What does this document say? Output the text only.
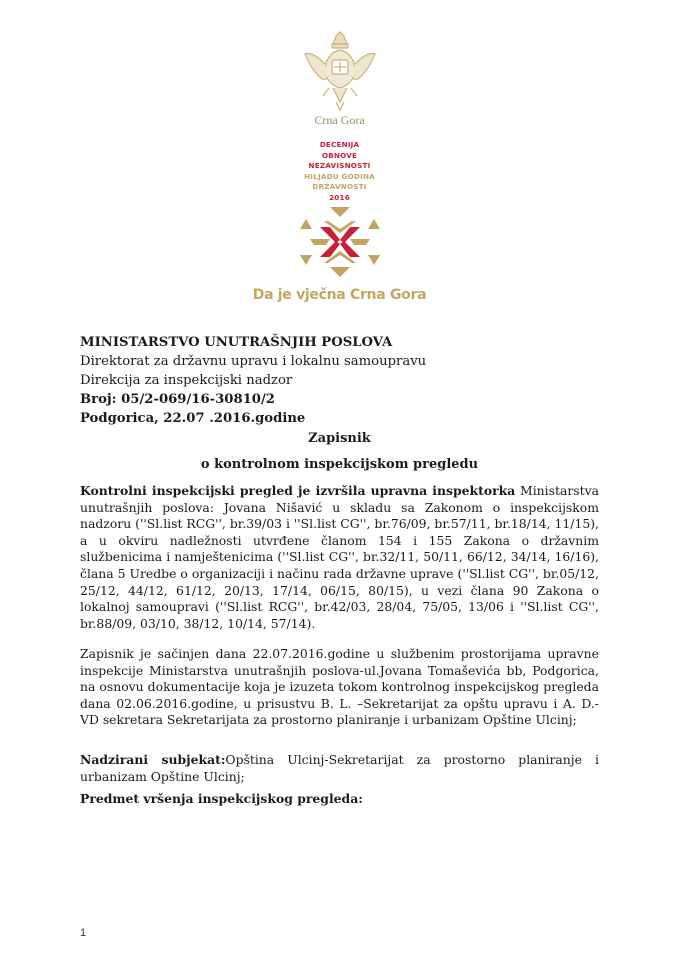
Crna Gora
DECENIJA
OBNOVE
NEZAVISNOSTI
HILJADU GODINA
DRŽAVNOSTI
2016
Da je vječna Crna Gora
MINISTARSTVO UNUTRAŠNJIH POSLOVA
Direktorat za državnu upravu i lokalnu samoupravu
Direkcija za inspekcijski nadzor
Broj: 05/2-069/16-30810/2
Podgorica, 22.07 .2016.godine
Zapisnik
o kontrolnom inspekcijskom pregledu
Kontrolni inspekcijski pregled je izvršila upravna inspektorka Ministarstva unutrašnjih poslova: Jovana Nišavić u skladu sa Zakonom o inspekcijskom nadzoru (''Sl.list RCG'', br.39/03 i ''Sl.list CG'', br.76/09, br.57/11, br.18/14, 11/15), a u okviru nadležnosti utvrđene članom 154 i 155 Zakona o državnim službenicima i namještenicima (''Sl.list CG'', br.32/11, 50/11, 66/12, 34/14, 16/16), člana 5 Uredbe o organizaciji i načinu rada državne uprave (''Sl.list CG'', br.05/12, 25/12, 44/12, 61/12, 20/13, 17/14, 06/15, 80/15), u vezi člana 90 Zakona o lokalnoj samoupravi (''Sl.list RCG'', br.42/03, 28/04, 75/05, 13/06 i ''Sl.list CG'', br.88/09, 03/10, 38/12, 10/14, 57/14).
Zapisnik je sačinjen dana 22.07.2016.godine u službenim prostorijama upravne inspekcije Ministarstva unutrašnjih poslova-ul.Jovana Tomaševića bb, Podgorica, na osnovu dokumentacije koja je izuzeta tokom kontrolnog inspekcijskog pregleda dana 02.06.2016.godine, u prisustvu B. L. –Sekretarijat za opštu upravu i A. D.- VD sekretara Sekretarijata za prostorno planiranje i urbanizam Opštine Ulcinj;
Nadzirani subjekat:Opština Ulcinj-Sekretarijat za prostorno planiranje i urbanizam Opštine Ulcinj;
Predmet vršenja inspekcijskog pregleda:
1
